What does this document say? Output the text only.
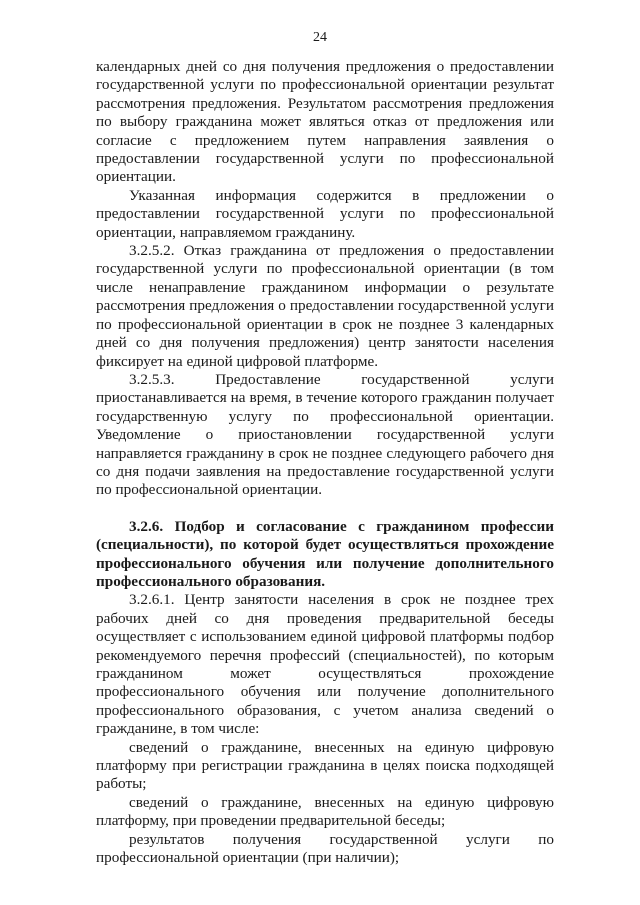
24

календарных дней со дня получения предложения о предоставлении государственной услуги по профессиональной ориентации результат рассмотрения предложения. Результатом рассмотрения предложения по выбору гражданина может являться отказ от предложения или согласие с предложением путем направления заявления о предоставлении государственной услуги по профессиональной ориентации.

Указанная информация содержится в предложении о предоставлении государственной услуги по профессиональной ориентации, направляемом гражданину.

3.2.5.2. Отказ гражданина от предложения о предоставлении государственной услуги по профессиональной ориентации (в том числе ненаправление гражданином информации о результате рассмотрения предложения о предоставлении государственной услуги по профессиональной ориентации в срок не позднее 3 календарных дней со дня получения предложения) центр занятости населения фиксирует на единой цифровой платформе.

3.2.5.3. Предоставление государственной услуги приостанавливается на время, в течение которого гражданин получает государственную услугу по профессиональной ориентации. Уведомление о приостановлении государственной услуги направляется гражданину в срок не позднее следующего рабочего дня со дня подачи заявления на предоставление государственной услуги по профессиональной ориентации.

3.2.6. Подбор и согласование с гражданином профессии (специальности), по которой будет осуществляться прохождение профессионального обучения или получение дополнительного профессионального образования.

3.2.6.1. Центр занятости населения в срок не позднее трех рабочих дней со дня проведения предварительной беседы осуществляет с использованием единой цифровой платформы подбор рекомендуемого перечня профессий (специальностей), по которым гражданином может осуществляться прохождение профессионального обучения или получение дополнительного профессионального образования, с учетом анализа сведений о гражданине, в том числе:

сведений о гражданине, внесенных на единую цифровую платформу при регистрации гражданина в целях поиска подходящей работы;

сведений о гражданине, внесенных на единую цифровую платформу, при проведении предварительной беседы;

результатов получения государственной услуги по профессиональной ориентации (при наличии);
